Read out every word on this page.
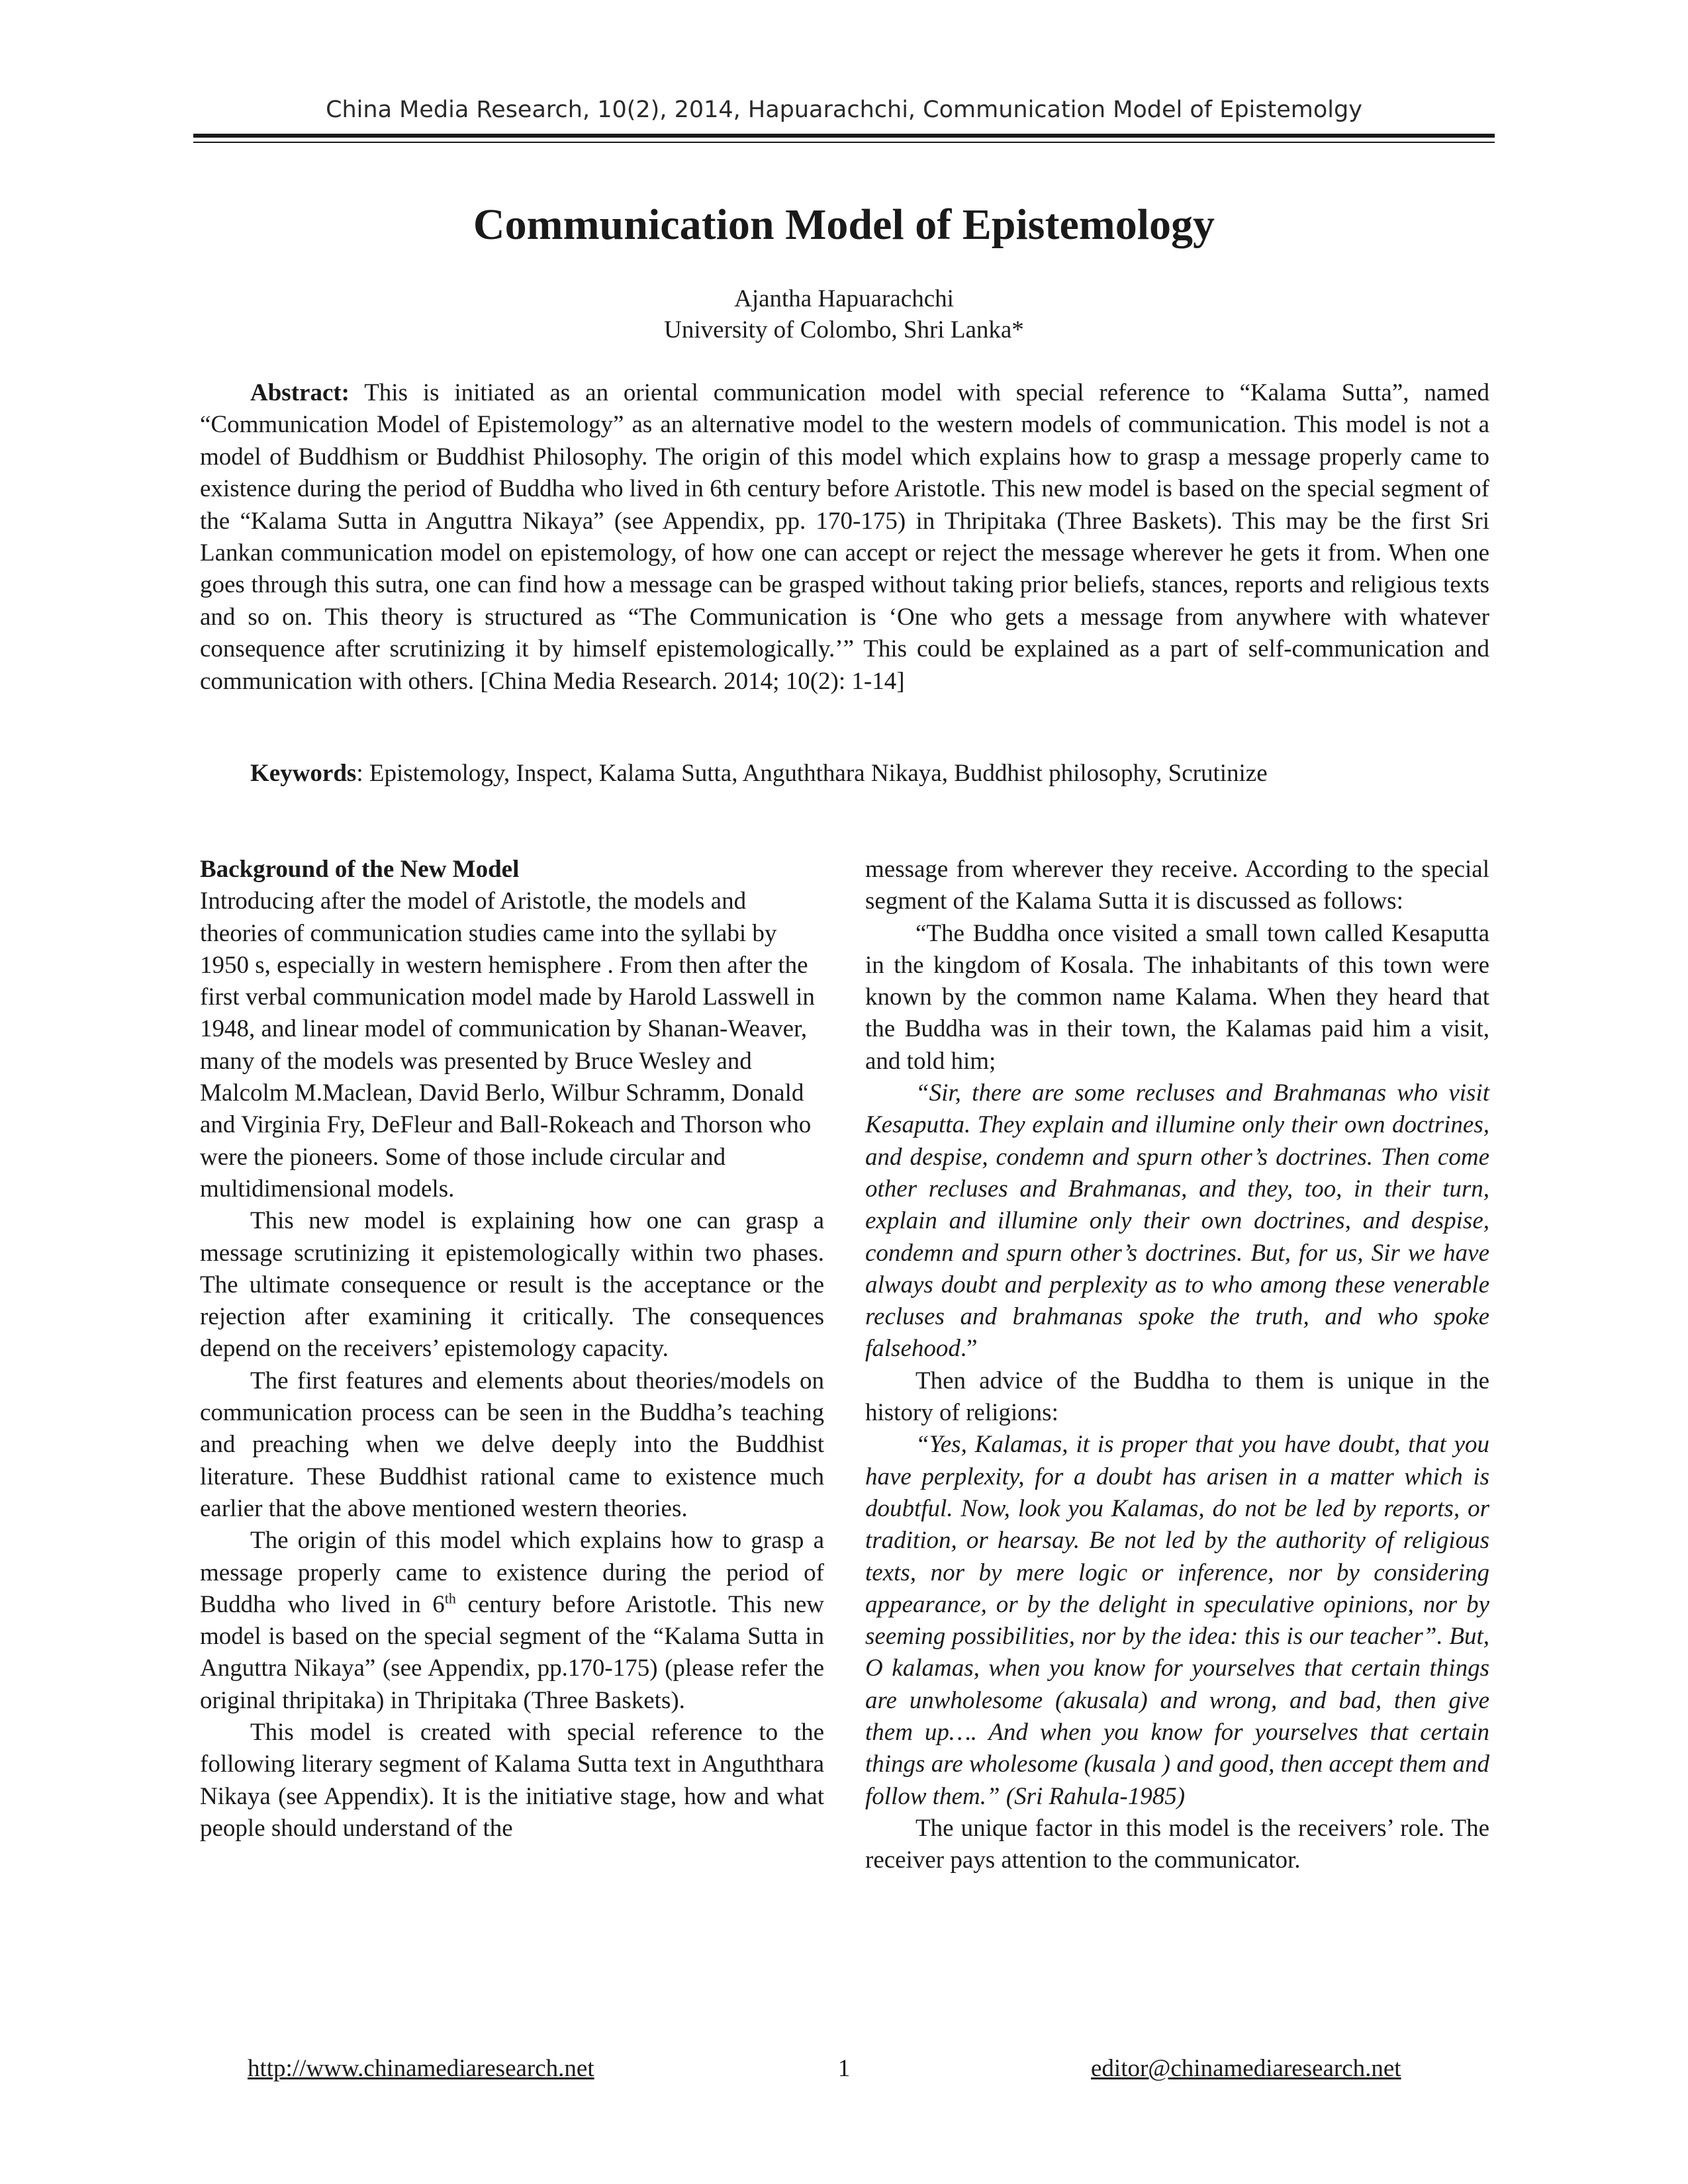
China Media Research, 10(2), 2014, Hapuarachchi, Communication Model of Epistemolgy
Communication Model of Epistemology
Ajantha Hapuarachchi
University of Colombo, Shri Lanka*

Abstract: This is initiated as an oriental communication model with special reference to “Kalama Sutta”, named “Communication Model of Epistemology” as an alternative model to the western models of communication. This model is not a model of Buddhism or Buddhist Philosophy. The origin of this model which explains how to grasp a message properly came to existence during the period of Buddha who lived in 6th century before Aristotle. This new model is based on the special segment of the “Kalama Sutta in Anguttra Nikaya” (see Appendix, pp. 170-175) in Thripitaka (Three Baskets). This may be the first Sri Lankan communication model on epistemology, of how one can accept or reject the message wherever he gets it from. When one goes through this sutra, one can find how a message can be grasped without taking prior beliefs, stances, reports and religious texts and so on. This theory is structured as “The Communication is ‘One who gets a message from anywhere with whatever consequence after scrutinizing it by himself epistemologically.’” This could be explained as a part of self-communication and communication with others. [China Media Research. 2014; 10(2): 1-14]

Keywords: Epistemology, Inspect, Kalama Sutta, Anguththara Nikaya, Buddhist philosophy, Scrutinize

Background of the New Model

Introducing after the model of Aristotle, the models and theories of communication studies came into the syllabi by 1950 s, especially in western hemisphere . From then after the first verbal communication model made by Harold Lasswell in 1948, and linear model of communication by Shanan-Weaver, many of the models was presented by Bruce Wesley and Malcolm M.Maclean, David Berlo, Wilbur Schramm, Donald and Virginia Fry, DeFleur and Ball-Rokeach and Thorson who were the pioneers. Some of those include circular and multidimensional models.

This new model is explaining how one can grasp a message scrutinizing it epistemologically within two phases. The ultimate consequence or result is the acceptance or the rejection after examining it critically. The consequences depend on the receivers’ epistemology capacity.

The first features and elements about theories/models on communication process can be seen in the Buddha’s teaching and preaching when we delve deeply into the Buddhist literature. These Buddhist rational came to existence much earlier that the above mentioned western theories.

The origin of this model which explains how to grasp a message properly came to existence during the period of Buddha who lived in 6th century before Aristotle. This new model is based on the special segment of the “Kalama Sutta in Anguttra Nikaya” (see Appendix, pp.170-175) (please refer the original thripitaka) in Thripitaka (Three Baskets).

This model is created with special reference to the following literary segment of Kalama Sutta text in Anguththara Nikaya (see Appendix). It is the initiative stage, how and what people should understand of the

message from wherever they receive. According to the special segment of the Kalama Sutta it is discussed as follows:

“The Buddha once visited a small town called Kesaputta in the kingdom of Kosala. The inhabitants of this town were known by the common name Kalama. When they heard that the Buddha was in their town, the Kalamas paid him a visit, and told him;

“Sir, there are some recluses and Brahmanas who visit Kesaputta. They explain and illumine only their own doctrines, and despise, condemn and spurn other’s doctrines. Then come other recluses and Brahmanas, and they, too, in their turn, explain and illumine only their own doctrines, and despise, condemn and spurn other’s doctrines. But, for us, Sir we have always doubt and perplexity as to who among these venerable recluses and brahmanas spoke the truth, and who spoke falsehood.”

Then advice of the Buddha to them is unique in the history of religions:

“Yes, Kalamas, it is proper that you have doubt, that you have perplexity, for a doubt has arisen in a matter which is doubtful. Now, look you Kalamas, do not be led by reports, or tradition, or hearsay. Be not led by the authority of religious texts, nor by mere logic or inference, nor by considering appearance, or by the delight in speculative opinions, nor by seeming possibilities, nor by the idea: this is our teacher”. But, O kalamas, when you know for yourselves that certain things are unwholesome (akusala) and wrong, and bad, then give them up…. And when you know for yourselves that certain things are wholesome (kusala ) and good, then accept them and follow them.” (Sri Rahula-1985)

The unique factor in this model is the receivers’ role. The receiver pays attention to the communicator.

http://www.chinamediaresearch.net	1	editor@chinamediaresearch.net
